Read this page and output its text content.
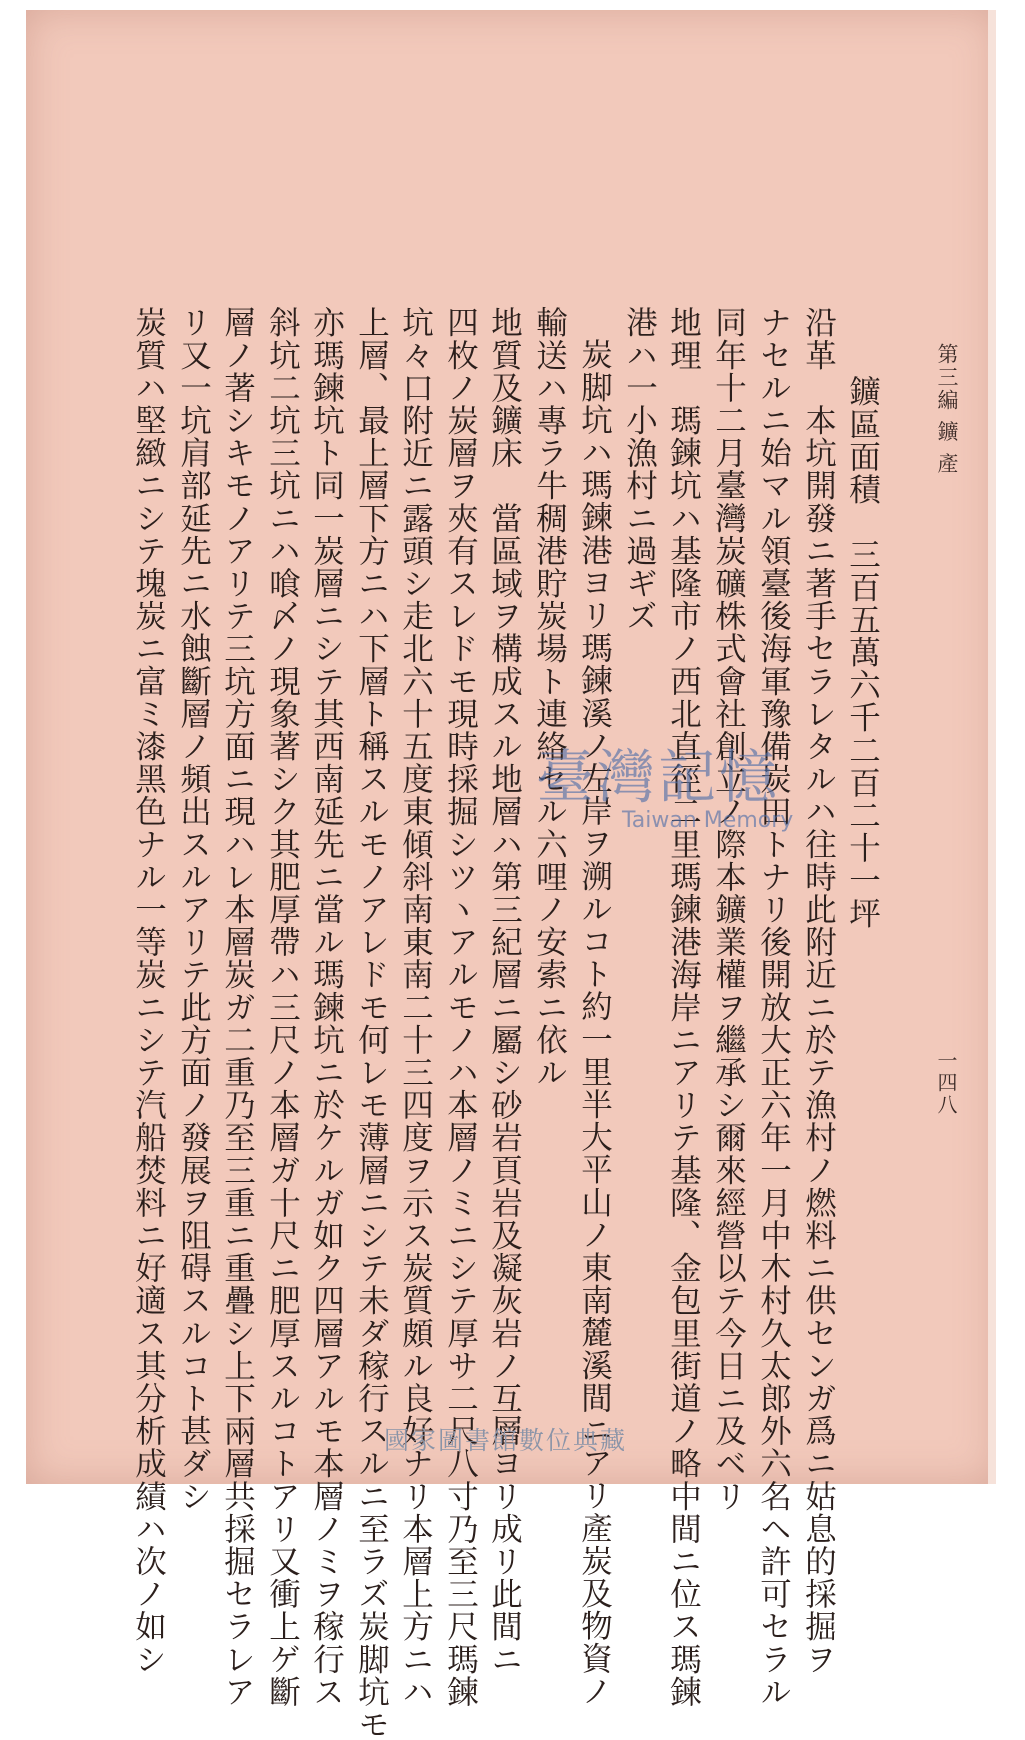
第三編 鑛 產
一四八
鑛區面積　三百五萬六千二百二十一坪
沿革　本坑開發ニ著手セラレタルハ往時此附近ニ於テ漁村ノ燃料ニ供センガ爲ニ姑息的採掘ヲ
ナセルニ始マル領臺後海軍豫備炭田トナリ後開放大正六年一月中木村久太郎外六名ヘ許可セラル
同年十二月臺灣炭礦株式會社創立ノ際本鑛業權ヲ繼承シ爾來經營以テ今日ニ及ベリ
地理　瑪鍊坑ハ基隆市ノ西北直徑二里瑪鍊港海岸ニアリテ基隆、金包里街道ノ略中間ニ位ス瑪鍊
港ハ一小漁村ニ過ギズ
炭脚坑ハ瑪鍊港ヨリ瑪鍊溪ノ左岸ヲ溯ルコト約一里半大平山ノ東南麓溪間ニアリ產炭及物資ノ
輸送ハ專ラ牛稠港貯炭場ト連絡セル六哩ノ安索ニ依ル
地質及鑛床　當區域ヲ構成スル地層ハ第三紀層ニ屬シ砂岩頁岩及凝灰岩ノ互層ヨリ成リ此間ニ
四枚ノ炭層ヲ夾有スレドモ現時採掘シツヽアルモノハ本層ノミニシテ厚サ二尺八寸乃至三尺瑪鍊
坑々口附近ニ露頭シ走北六十五度東傾斜南東南二十三四度ヲ示ス炭質頗ル良好ナリ本層上方ニハ
上層、最上層下方ニハ下層ト稱スルモノアレドモ何レモ薄層ニシテ未ダ稼行スルニ至ラズ炭脚坑モ
亦瑪鍊坑ト同一炭層ニシテ其西南延先ニ當ル瑪鍊坑ニ於ケルガ如ク四層アルモ本層ノミヲ稼行ス
斜坑二坑三坑ニハ喰〆ノ現象著シク其肥厚帶ハ三尺ノ本層ガ十尺ニ肥厚スルコトアリ又衝上ゲ斷
層ノ著シキモノアリテ三坑方面ニ現ハレ本層炭ガ二重乃至三重ニ重疊シ上下兩層共採掘セラレア
リ又一坑肩部延先ニ水蝕斷層ノ頻出スルアリテ此方面ノ發展ヲ阻碍スルコト甚ダシ
炭質ハ堅緻ニシテ塊炭ニ富ミ漆黑色ナル一等炭ニシテ汽船焚料ニ好適ス其分析成績ハ次ノ如シ	臺灣記憶
Taiwan Memory
國家圖書館數位典藏
